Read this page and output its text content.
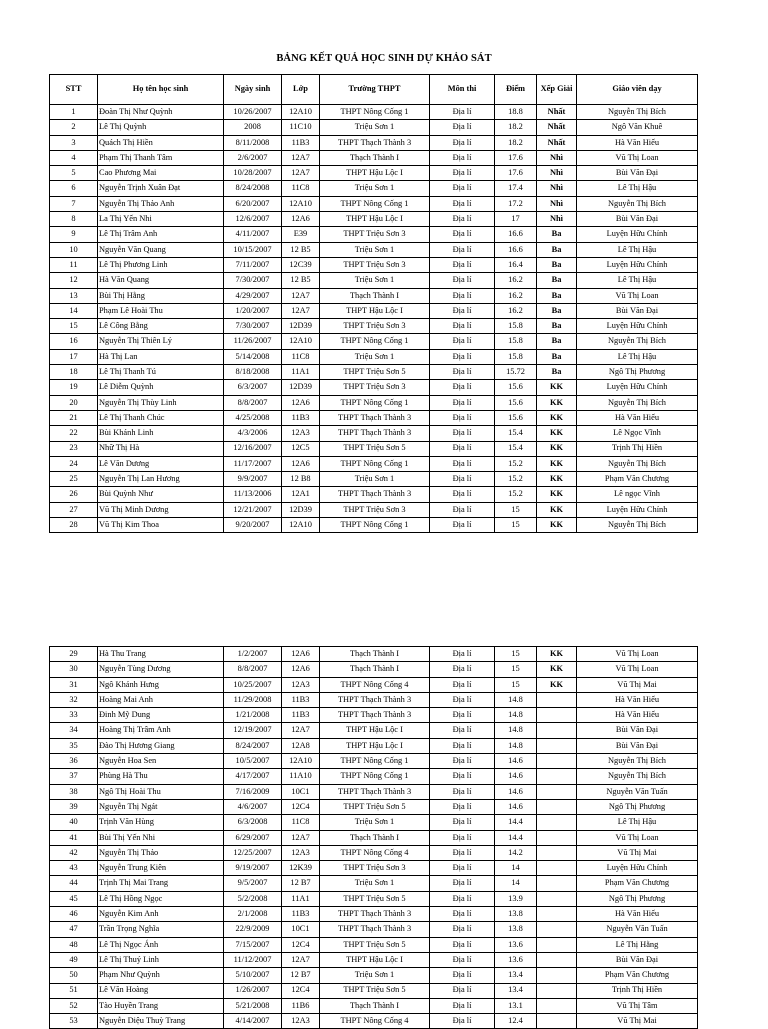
BẢNG KẾT QUẢ HỌC SINH DỰ KHẢO SÁT
STT	Họ tên học sinh	Ngày sinh	Lớp	Trường THPT	Môn thi	Điểm	Xếp Giải	Giáo viên dạy
1	Đoàn Thị Như Quỳnh	10/26/2007	12A10	THPT Nông Cống 1	Địa lí	18.8	Nhất	Nguyễn Thị Bích
2	Lê Thị Quỳnh	2008	11C10	Triệu Sơn 1	Địa lí	18.2	Nhất	Ngô Văn Khuê
3	Quách Thị Hiền	8/11/2008	11B3	THPT Thạch Thành 3	Địa lí	18.2	Nhất	Hà Văn Hiếu
4	Phạm Thị Thanh Tâm	2/6/2007	12A7	Thạch Thành I	Địa lí	17.6	Nhì	Vũ Thị Loan
5	Cao Phương Mai	10/28/2007	12A7	THPT Hậu Lộc I	Địa lí	17.6	Nhì	Bùi Văn Đại
6	Nguyễn Trịnh Xuân Đạt	8/24/2008	11C8	Triệu Sơn 1	Địa lí	17.4	Nhì	Lê Thị Hậu
7	Nguyễn Thị Thảo Anh	6/20/2007	12A10	THPT Nông Cống 1	Địa lí	17.2	Nhì	Nguyễn Thị Bích
8	La Thị Yến Nhi	12/6/2007	12A6	THPT Hậu Lộc I	Địa lí	17	Nhì	Bùi Văn Đại
9	Lê Thị Trâm Anh	4/11/2007	E39	THPT Triệu Sơn 3	Địa lí	16.6	Ba	Luyện Hữu Chính
10	Nguyễn Văn Quang	10/15/2007	12 B5	Triệu Sơn 1	Địa lí	16.6	Ba	Lê Thị Hậu
11	Lê Thị Phương Linh	7/11/2007	12C39	THPT Triệu Sơn 3	Địa lí	16.4	Ba	Luyện Hữu Chính
12	Hà Văn Quang	7/30/2007	12 B5	Triệu Sơn 1	Địa lí	16.2	Ba	Lê Thị Hậu
13	Bùi Thị Hằng	4/29/2007	12A7	Thạch Thành I	Địa lí	16.2	Ba	Vũ Thị Loan
14	Phạm Lê Hoài Thu	1/20/2007	12A7	THPT Hậu Lộc I	Địa lí	16.2	Ba	Bùi Văn Đại
15	Lê Công Bằng	7/30/2007	12D39	THPT Triệu Sơn 3	Địa lí	15.8	Ba	Luyện Hữu Chính
16	Nguyễn Thị Thiên Lý	11/26/2007	12A10	THPT Nông Cống 1	Địa lí	15.8	Ba	Nguyễn Thị Bích
17	Hà Thị Lan	5/14/2008	11C8	Triệu Sơn 1	Địa lí	15.8	Ba	Lê Thị Hậu
18	Lê Thị Thanh Tú	8/18/2008	11A1	THPT Triệu Sơn 5	Địa lí	15.72	Ba	Ngô Thị Phương
19	Lê Diễm Quỳnh	6/3/2007	12D39	THPT Triệu Sơn 3	Địa lí	15.6	KK	Luyện Hữu Chính
20	Nguyễn Thị Thùy Linh	8/8/2007	12A6	THPT Nông Cống 1	Địa lí	15.6	KK	Nguyễn Thị Bích
21	Lê Thị Thanh Chúc	4/25/2008	11B3	THPT Thạch Thành 3	Địa lí	15.6	KK	Hà Văn Hiếu
22	Bùi Khánh Linh	4/3/2006	12A3	THPT Thạch Thành 3	Địa lí	15.4	KK	Lê Ngọc Vĩnh
23	Nhữ Thị Hà	12/16/2007	12C5	THPT Triệu Sơn 5	Địa lí	15.4	KK	Trịnh Thị Hiền
24	Lê Văn Dương	11/17/2007	12A6	THPT Nông Cống 1	Địa lí	15.2	KK	Nguyễn Thị Bích
25	Nguyễn Thị Lan Hương	9/9/2007	12 B8	Triệu Sơn 1	Địa lí	15.2	KK	Phạm Văn Chương
26	Bùi Quỳnh Như	11/13/2006	12A1	THPT Thạch Thành 3	Địa lí	15.2	KK	Lê ngọc Vĩnh
27	Vũ Thị Minh Dương	12/21/2007	12D39	THPT Triệu Sơn 3	Địa lí	15	KK	Luyện Hữu Chính
28	Vũ Thị Kim Thoa	9/20/2007	12A10	THPT Nông Cống 1	Địa lí	15	KK	Nguyễn Thị Bích
29	Hà Thu Trang	1/2/2007	12A6	Thạch Thành I	Địa lí	15	KK	Vũ Thị Loan
30	Nguyễn Tùng Dương	8/8/2007	12A6	Thạch Thành I	Địa lí	15	KK	Vũ Thị Loan
31	Ngô Khánh Hưng	10/25/2007	12A3	THPT Nông Cống 4	Địa lí	15	KK	Vũ Thị Mai
32	Hoàng Mai Anh	11/29/2008	11B3	THPT Thạch Thành 3	Địa lí	14.8		Hà Văn Hiếu
33	Đinh Mỹ Dung	1/21/2008	11B3	THPT Thạch Thành 3	Địa lí	14.8		Hà Văn Hiếu
34	Hoàng Thị Trâm Anh	12/19/2007	12A7	THPT Hậu Lộc I	Địa lí	14.8		Bùi Văn Đại
35	Đào Thị Hương Giang	8/24/2007	12A8	THPT Hậu Lộc I	Địa lí	14.8		Bùi Văn Đại
36	Nguyễn Hoa Sen	10/5/2007	12A10	THPT Nông Cống 1	Địa lí	14.6		Nguyễn Thị Bích
37	Phùng Hà Thu	4/17/2007	11A10	THPT Nông Cống 1	Địa lí	14.6		Nguyễn Thị Bích
38	Ngô Thị Hoài Thu	7/16/2009	10C1	THPT Thạch Thành 3	Địa lí	14.6		Nguyễn Văn Tuấn
39	Nguyễn Thị Ngát	4/6/2007	12C4	THPT Triệu Sơn 5	Địa lí	14.6		Ngô Thị Phương
40	Trịnh Văn Hùng	6/3/2008	11C8	Triệu Sơn 1	Địa lí	14.4		Lê Thị Hậu
41	Bùi Thị Yến Nhi	6/29/2007	12A7	Thạch Thành I	Địa lí	14.4		Vũ Thị Loan
42	Nguyễn Thị Thảo	12/25/2007	12A3	THPT Nông Cống 4	Địa lí	14.2		Vũ Thị Mai
43	Nguyễn Trung Kiên	9/19/2007	12K39	THPT Triệu Sơn 3	Địa lí	14		Luyện Hữu Chính
44	Trịnh Thị Mai Trang	9/5/2007	12 B7	Triệu Sơn 1	Địa lí	14		Phạm Văn Chương
45	Lê Thị Hồng Ngọc	5/2/2008	11A1	THPT Triệu Sơn 5	Địa lí	13.9		Ngô Thị Phương
46	Nguyễn Kim Anh	2/1/2008	11B3	THPT Thạch Thành 3	Địa lí	13.8		Hà Văn Hiếu
47	Trần Trọng Nghĩa	22/9/2009	10C1	THPT Thạch Thành 3	Địa lí	13.8		Nguyễn Văn Tuấn
48	Lê Thị Ngọc Ánh	7/15/2007	12C4	THPT Triệu Sơn 5	Địa lí	13.6		Lê Thị Hằng
49	Lê Thị Thuý Linh	11/12/2007	12A7	THPT Hậu Lộc I	Địa lí	13.6		Bùi Văn Đại
50	Phạm Như Quỳnh	5/10/2007	12 B7	Triệu Sơn 1	Địa lí	13.4		Phạm Văn Chương
51	Lê Văn Hoàng	1/26/2007	12C4	THPT Triệu Sơn 5	Địa lí	13.4		Trịnh Thị Hiền
52	Tào Huyền Trang	5/21/2008	11B6	Thạch Thành I	Địa lí	13.1		Vũ Thị Tâm
53	Nguyễn Diệu Thuỳ Trang	4/14/2007	12A3	THPT Nông Cống 4	Địa lí	12.4		Vũ Thị Mai
